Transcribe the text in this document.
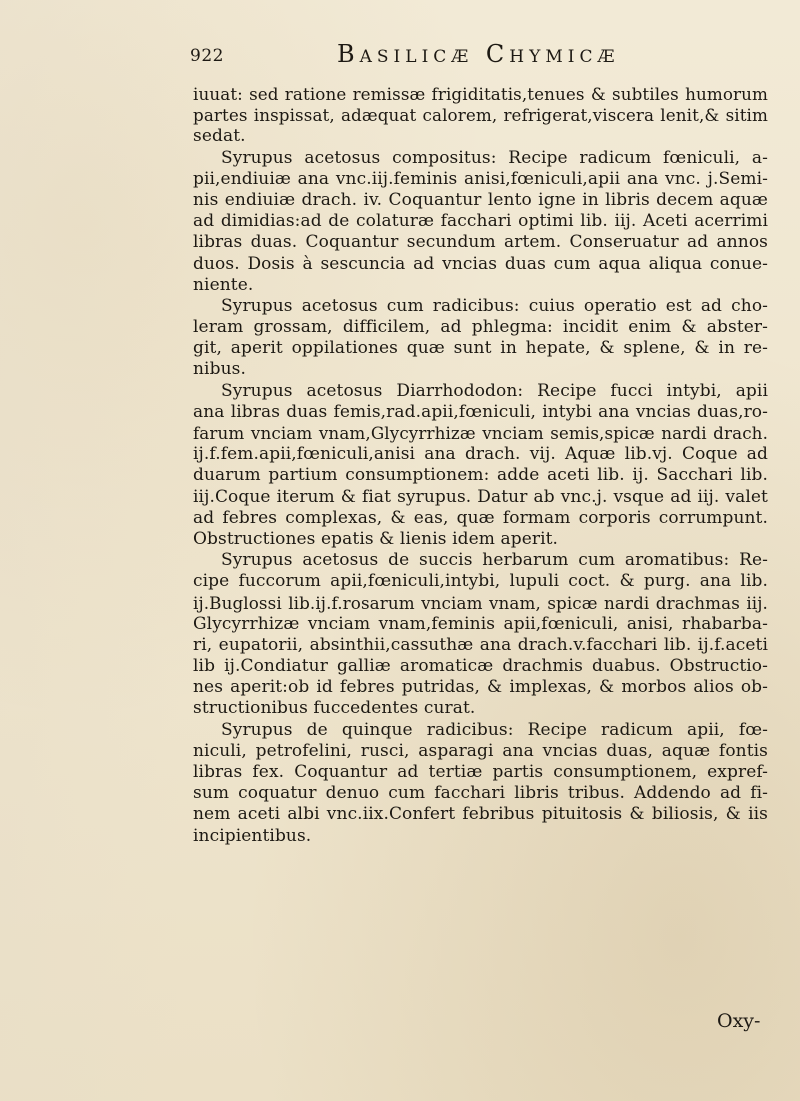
922	Basilicæ Chymicæ
iuuat: sed ratione remissæ frigiditatis,tenues & subtiles humorum
partes inspissat, adæquat calorem, refrigerat,viscera lenit,& sitim
sedat.
Syrupus acetosus compositus: Recipe radicum fœniculi, a-
pii,endiuiæ ana vnc.iij.feminis anisi,fœniculi,apii ana vnc. j.Semi-
nis endiuiæ drach. iv. Coquantur lento igne in libris decem aquæ
ad dimidias:ad de colaturæ facchari optimi lib. iij. Aceti acerrimi
libras duas. Coquantur secundum artem. Conseruatur ad annos
duos. Dosis à sescuncia ad vncias duas cum aqua aliqua conue-
niente.
Syrupus acetosus cum radicibus: cuius operatio est ad cho-
leram grossam, difficilem, ad phlegma: incidit enim & abster-
git, aperit oppilationes quæ sunt in hepate, & splene, & in re-
nibus.
Syrupus acetosus Diarrhododon: Recipe fucci intybi, apii
ana libras duas femis,rad.apii,fœniculi, intybi ana vncias duas,ro-
farum vnciam vnam,Glycyrrhizæ vnciam semis,spicæ nardi drach.
ij.f.fem.apii,fœniculi,anisi ana drach. vij. Aquæ lib.vj. Coque ad
duarum partium consumptionem: adde aceti lib. ij. Sacchari lib.
iij.Coque iterum & fiat syrupus. Datur ab vnc.j. vsque ad iij. valet
ad febres complexas, & eas, quæ formam corporis corrumpunt.
Obstructiones epatis & lienis idem aperit.
Syrupus acetosus de succis herbarum cum aromatibus: Re-
cipe fuccorum apii,fœniculi,intybi, lupuli coct. & purg. ana lib.
ij.Buglossi lib.ij.f.rosarum vnciam vnam, spicæ nardi drachmas iij.
Glycyrrhizæ vnciam vnam,feminis apii,fœniculi, anisi, rhabarba-
ri, eupatorii, absinthii,cassuthæ ana drach.v.facchari lib. ij.f.aceti
lib ij.Condiatur galliæ aromaticæ drachmis duabus. Obstructio-
nes aperit:ob id febres putridas, & implexas, & morbos alios ob-
structionibus fuccedentes curat.
Syrupus de quinque radicibus: Recipe radicum apii, fœ-
niculi, petrofelini, rusci, asparagi ana vncias duas, aquæ fontis
libras fex. Coquantur ad tertiæ partis consumptionem, expref-
sum coquatur denuo cum facchari libris tribus. Addendo ad fi-
nem aceti albi vnc.iix.Confert febribus pituitosis & biliosis, & iis
incipientibus.
Oxy-
